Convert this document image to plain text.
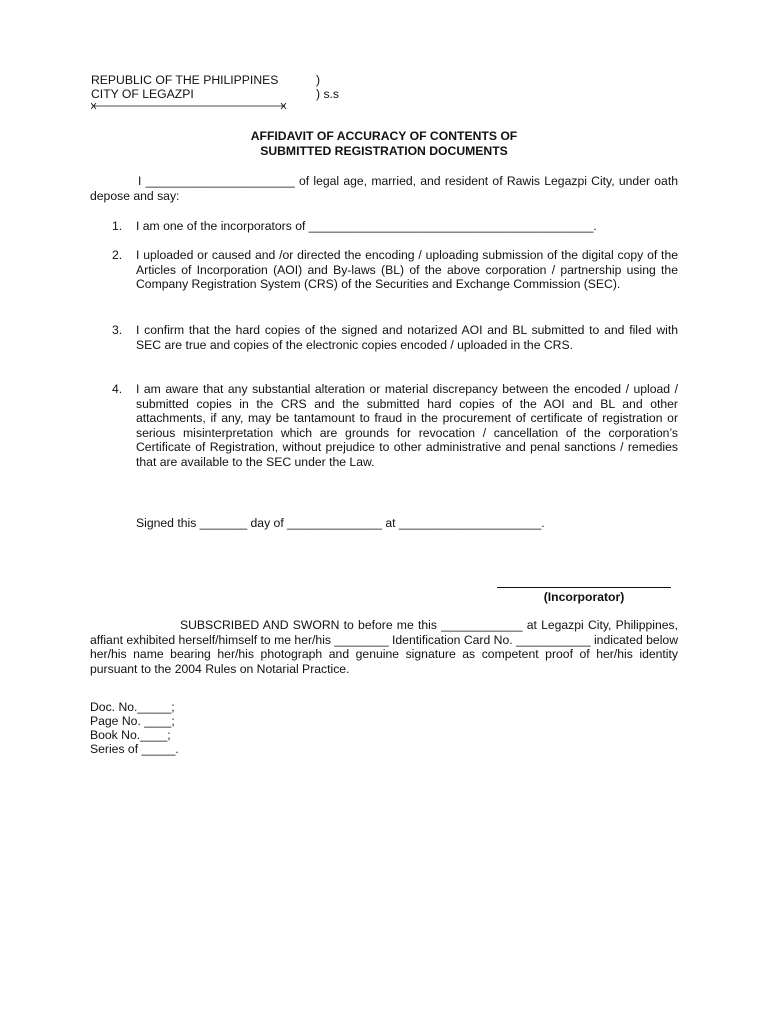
REPUBLIC OF THE PHILIPPINES
CITY OF LEGAZPI
)
) s.s
AFFIDAVIT OF ACCURACY OF CONTENTS OF
SUBMITTED REGISTRATION DOCUMENTS
I ______________________ of legal age, married, and resident of Rawis Legazpi City, under oath depose and say:
1.	I am one of the incorporators of __________________________________________.
2.	I uploaded or caused and /or directed the encoding / uploading submission of the digital copy of the Articles of Incorporation (AOI) and By-laws (BL) of the above corporation / partnership using the Company Registration System (CRS) of the Securities and Exchange Commission (SEC).
3.	I confirm that the hard copies of the signed and notarized AOI and BL submitted to and filed with SEC are true and copies of the electronic copies encoded / uploaded in the CRS.
4.	I am aware that any substantial alteration or material discrepancy between the encoded / upload / submitted copies in the CRS and the submitted hard copies of the AOI and BL and other attachments, if any, may be tantamount to fraud in the procurement of certificate of registration or serious misinterpretation which are grounds for revocation / cancellation of the corporation’s Certificate of Registration, without prejudice to other administrative and penal sanctions / remedies that are available to the SEC under the Law.
Signed this _______ day of ______________ at _____________________.
(Incorporator)
SUBSCRIBED AND SWORN to before me this ____________ at Legazpi City, Philippines, affiant exhibited herself/himself to me her/his ________ Identification Card No. ___________ indicated below her/his name bearing her/his photograph and genuine signature as competent proof of her/his identity pursuant to the 2004 Rules on Notarial Practice.
Doc. No._____;
Page No. ____;
Book No.____;
Series of _____.
